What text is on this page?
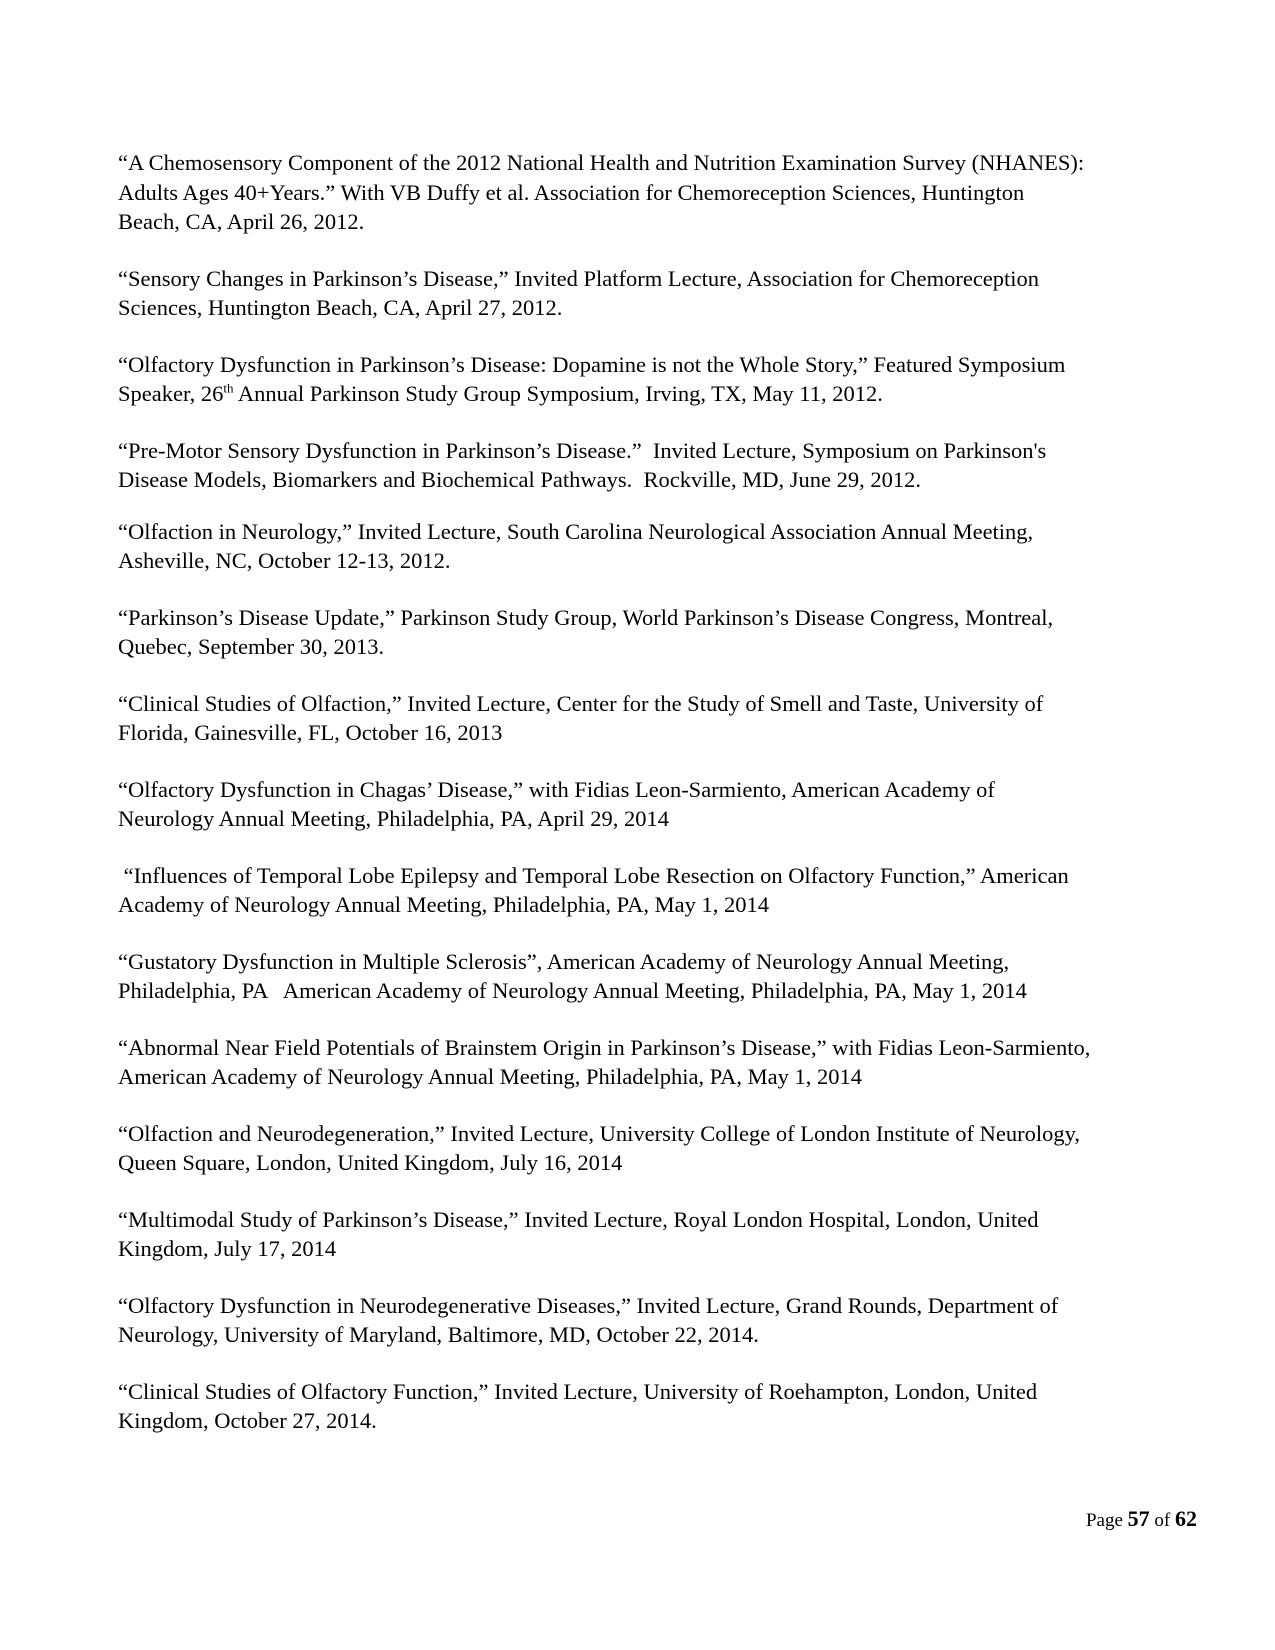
“A Chemosensory Component of the 2012 National Health and Nutrition Examination Survey (NHANES):
Adults Ages 40+Years.” With VB Duffy et al. Association for Chemoreception Sciences, Huntington
Beach, CA, April 26, 2012.

“Sensory Changes in Parkinson’s Disease,” Invited Platform Lecture, Association for Chemoreception
Sciences, Huntington Beach, CA, April 27, 2012.

“Olfactory Dysfunction in Parkinson’s Disease: Dopamine is not the Whole Story,” Featured Symposium
Speaker, 26th Annual Parkinson Study Group Symposium, Irving, TX, May 11, 2012.

“Pre-Motor Sensory Dysfunction in Parkinson’s Disease.”  Invited Lecture, Symposium on Parkinson's
Disease Models, Biomarkers and Biochemical Pathways.  Rockville, MD, June 29, 2012.

“Olfaction in Neurology,” Invited Lecture, South Carolina Neurological Association Annual Meeting,
Asheville, NC, October 12-13, 2012.

“Parkinson’s Disease Update,” Parkinson Study Group, World Parkinson’s Disease Congress, Montreal,
Quebec, September 30, 2013.

“Clinical Studies of Olfaction,” Invited Lecture, Center for the Study of Smell and Taste, University of
Florida, Gainesville, FL, October 16, 2013

“Olfactory Dysfunction in Chagas’ Disease,” with Fidias Leon-Sarmiento, American Academy of
Neurology Annual Meeting, Philadelphia, PA, April 29, 2014

“Influences of Temporal Lobe Epilepsy and Temporal Lobe Resection on Olfactory Function,” American
Academy of Neurology Annual Meeting, Philadelphia, PA, May 1, 2014

“Gustatory Dysfunction in Multiple Sclerosis”, American Academy of Neurology Annual Meeting,
Philadelphia, PA   American Academy of Neurology Annual Meeting, Philadelphia, PA, May 1, 2014

“Abnormal Near Field Potentials of Brainstem Origin in Parkinson’s Disease,” with Fidias Leon-Sarmiento,
American Academy of Neurology Annual Meeting, Philadelphia, PA, May 1, 2014

“Olfaction and Neurodegeneration,” Invited Lecture, University College of London Institute of Neurology,
Queen Square, London, United Kingdom, July 16, 2014

“Multimodal Study of Parkinson’s Disease,” Invited Lecture, Royal London Hospital, London, United
Kingdom, July 17, 2014

“Olfactory Dysfunction in Neurodegenerative Diseases,” Invited Lecture, Grand Rounds, Department of
Neurology, University of Maryland, Baltimore, MD, October 22, 2014.

“Clinical Studies of Olfactory Function,” Invited Lecture, University of Roehampton, London, United
Kingdom, October 27, 2014.

Page 57 of 62
